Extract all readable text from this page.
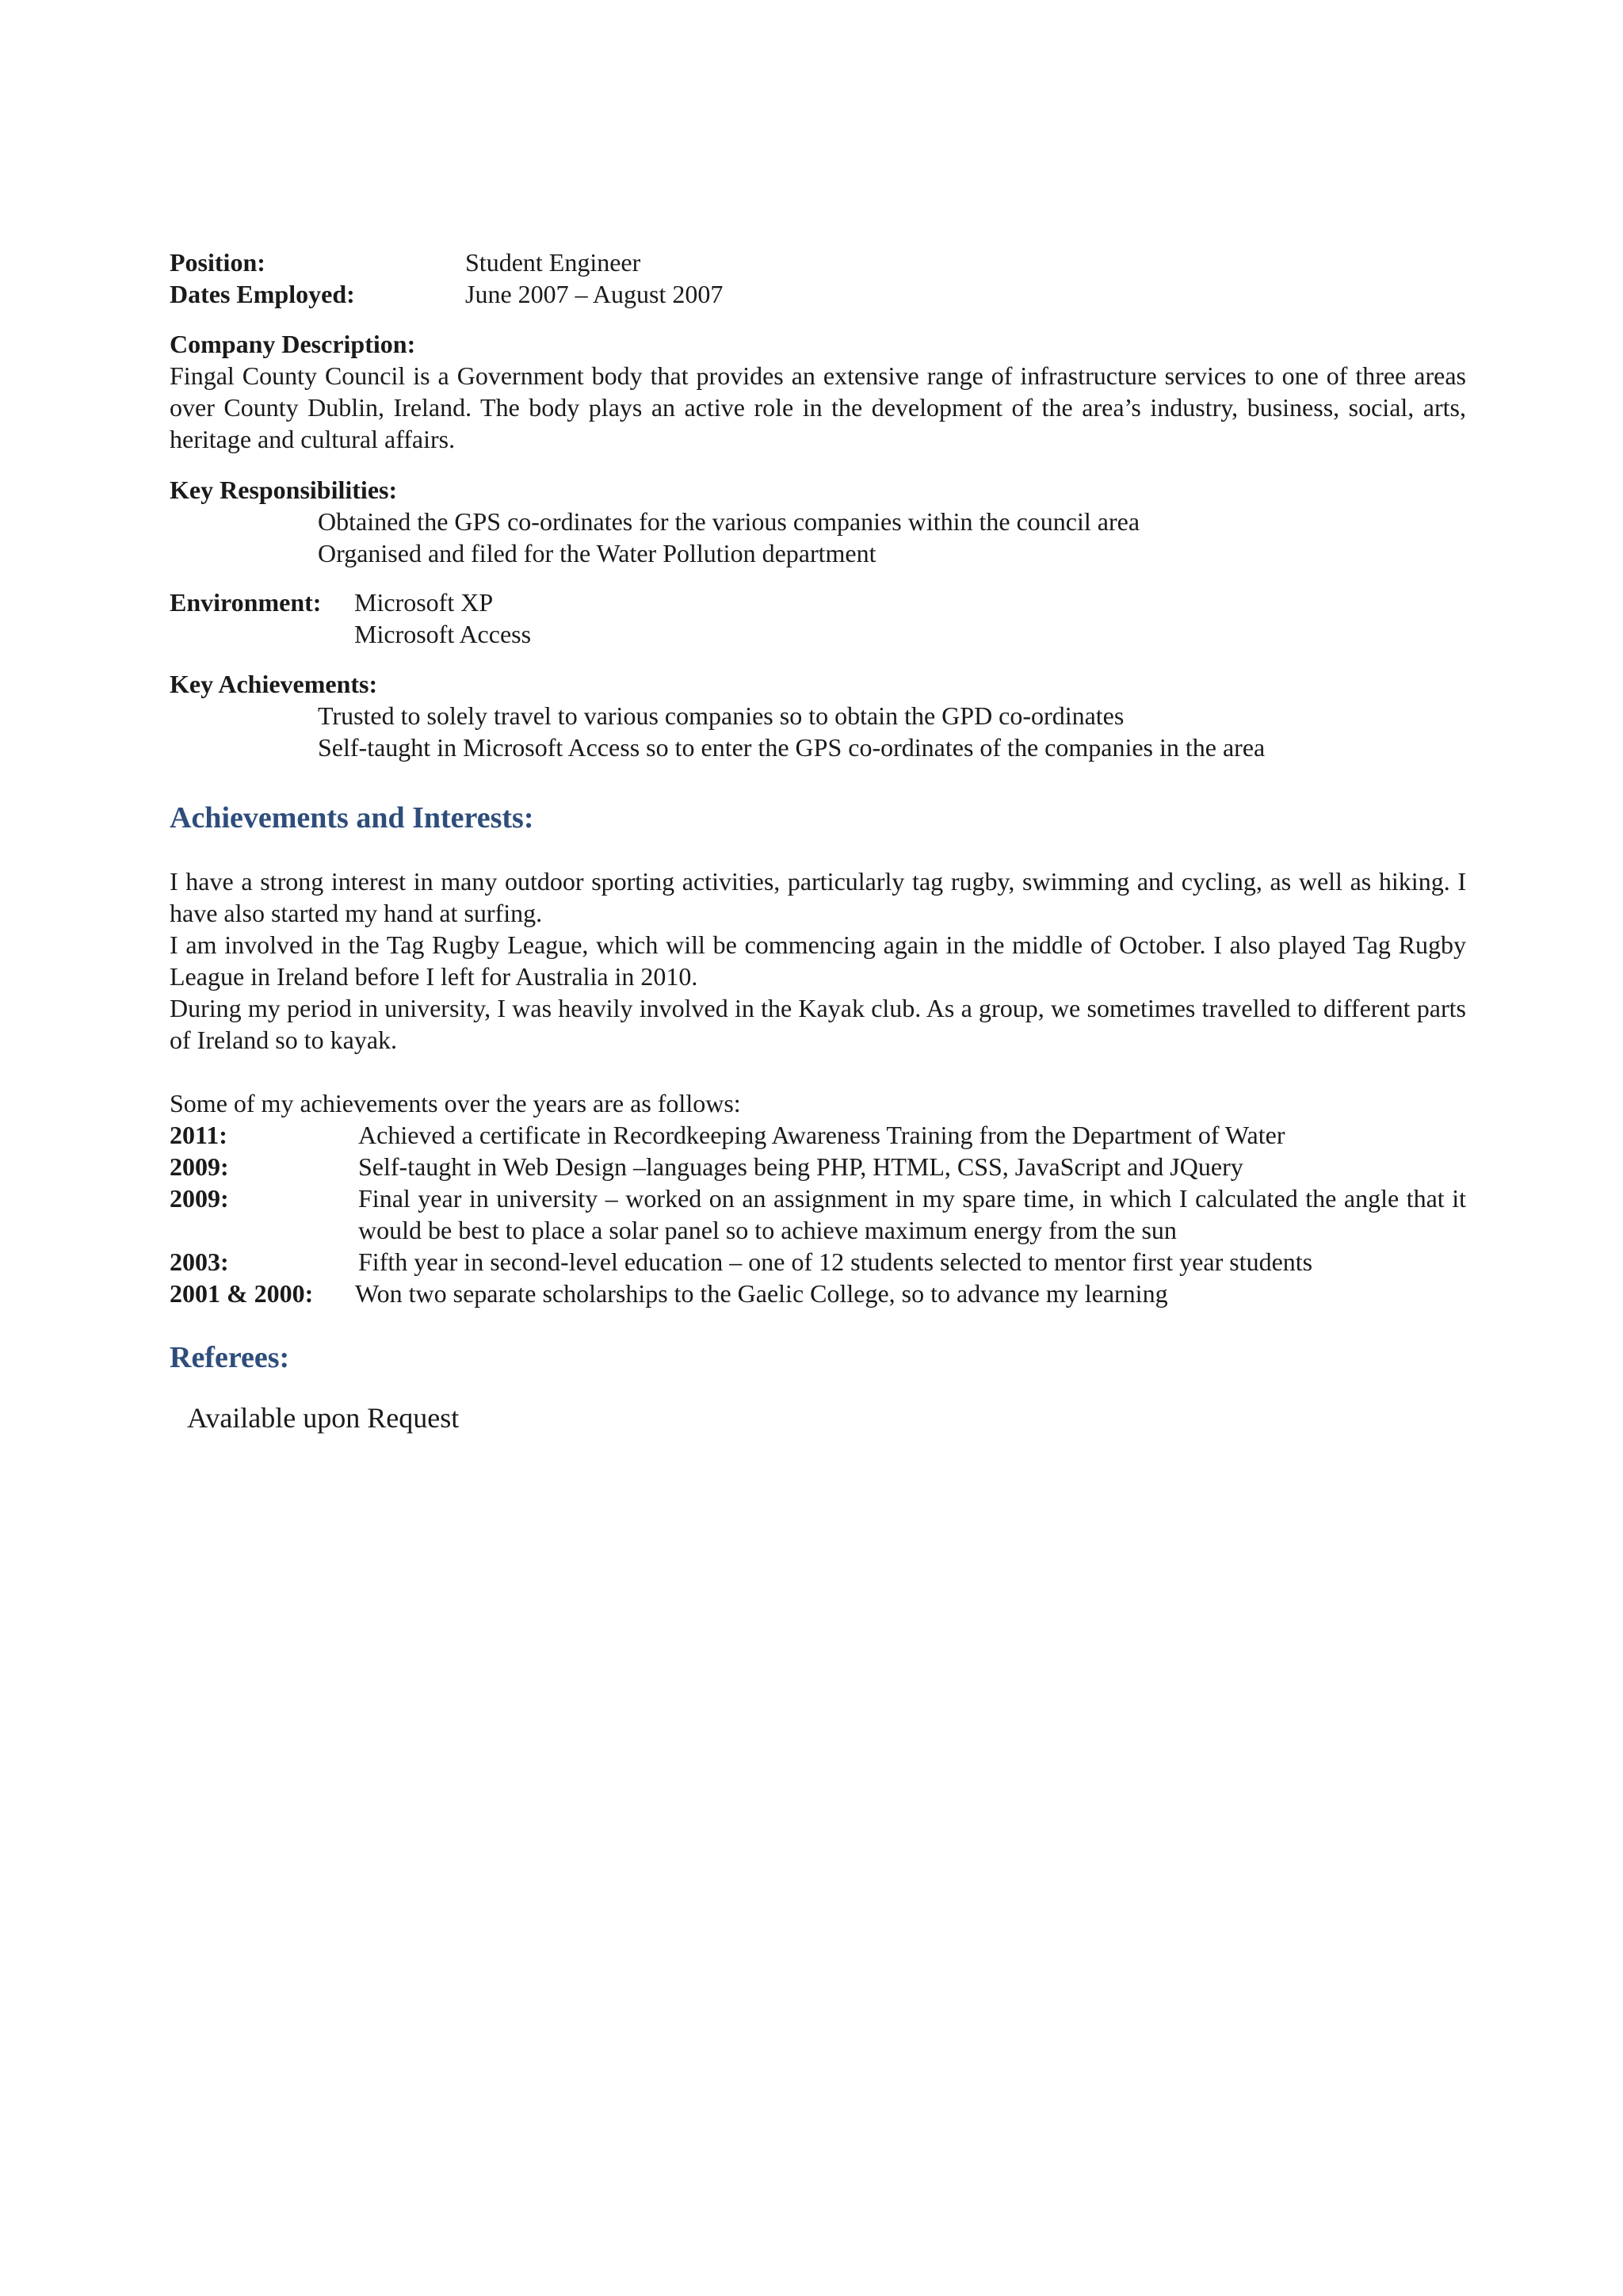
Position:	Student Engineer
Dates Employed:	June 2007 – August 2007
Company Description:
Fingal County Council is a Government body that provides an extensive range of infrastructure services to one of three areas over County Dublin, Ireland. The body plays an active role in the development of the area’s industry, business, social, arts, heritage and cultural affairs.
Key Responsibilities:
Obtained the GPS co-ordinates for the various companies within the council area
Organised and filed for the Water Pollution department
Environment: Microsoft XP
Microsoft Access
Key Achievements:
Trusted to solely travel to various companies so to obtain the GPD co-ordinates
Self-taught in Microsoft Access so to enter the GPS co-ordinates of the companies in the area
Achievements and Interests:
I have a strong interest in many outdoor sporting activities, particularly tag rugby, swimming and cycling, as well as hiking. I have also started my hand at surfing.
I am involved in the Tag Rugby League, which will be commencing again in the middle of October. I also played Tag Rugby League in Ireland before I left for Australia in 2010.
During my period in university, I was heavily involved in the Kayak club. As a group, we sometimes travelled to different parts of Ireland so to kayak.
Some of my achievements over the years are as follows:
2011:	Achieved a certificate in Recordkeeping Awareness Training from the Department of Water
2009:	Self-taught in Web Design –languages being PHP, HTML, CSS, JavaScript and JQuery
2009:	Final year in university – worked on an assignment in my spare time, in which I calculated the angle that it would be best to place a solar panel so to achieve maximum energy from the sun
2003:	Fifth year in second-level education – one of 12 students selected to mentor first year students
2001 & 2000: Won two separate scholarships to the Gaelic College, so to advance my learning
Referees:
Available upon Request
